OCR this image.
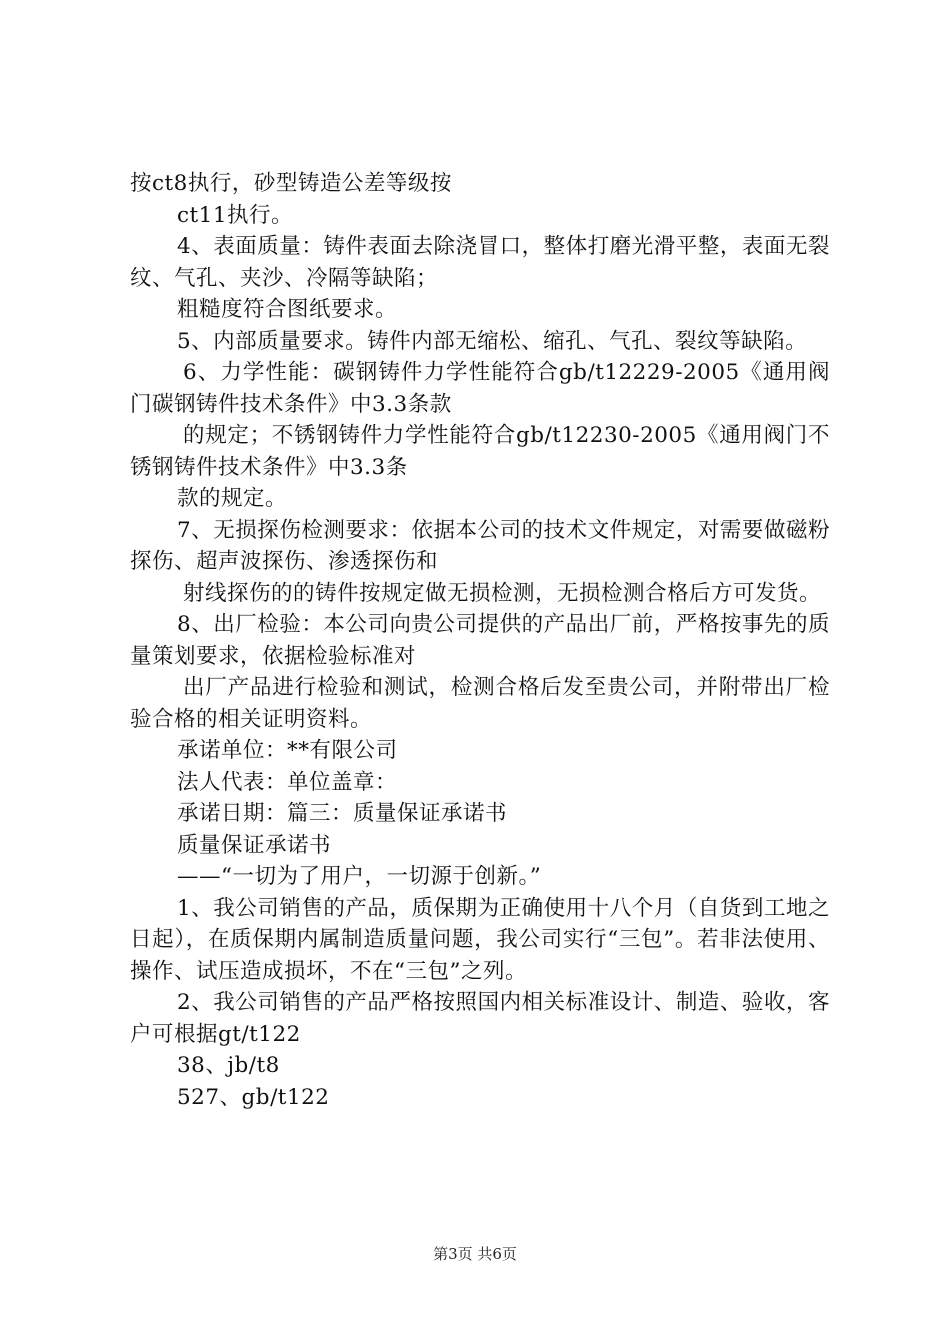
按ct8执行，砂型铸造公差等级按

ct11执行。

4、表面质量：铸件表面去除浇冒口，整体打磨光滑平整，表面无裂纹、气孔、夹沙、冷隔等缺陷；

粗糙度符合图纸要求。

5、内部质量要求。铸件内部无缩松、缩孔、气孔、裂纹等缺陷。

6、力学性能：碳钢铸件力学性能符合gb/t12229-2005《通用阀门碳钢铸件技术条件》中3.3条款

的规定；不锈钢铸件力学性能符合gb/t12230-2005《通用阀门不锈钢铸件技术条件》中3.3条

款的规定。

7、无损探伤检测要求：依据本公司的技术文件规定，对需要做磁粉探伤、超声波探伤、渗透探伤和

射线探伤的的铸件按规定做无损检测，无损检测合格后方可发货。

8、出厂检验：本公司向贵公司提供的产品出厂前，严格按事先的质量策划要求，依据检验标准对

出厂产品进行检验和测试，检测合格后发至贵公司，并附带出厂检验合格的相关证明资料。

承诺单位：**有限公司

法人代表：单位盖章：

承诺日期：篇三：质量保证承诺书

质量保证承诺书

——“一切为了用户，一切源于创新。”

1、我公司销售的产品，质保期为正确使用十八个月（自货到工地之日起），在质保期内属制造质量问题，我公司实行“三包”。若非法使用、操作、试压造成损坏，不在“三包”之列。

2、我公司销售的产品严格按照国内相关标准设计、制造、验收，客户可根据gt/t122

38、jb/t8

527、gb/t122

第3页 共6页
